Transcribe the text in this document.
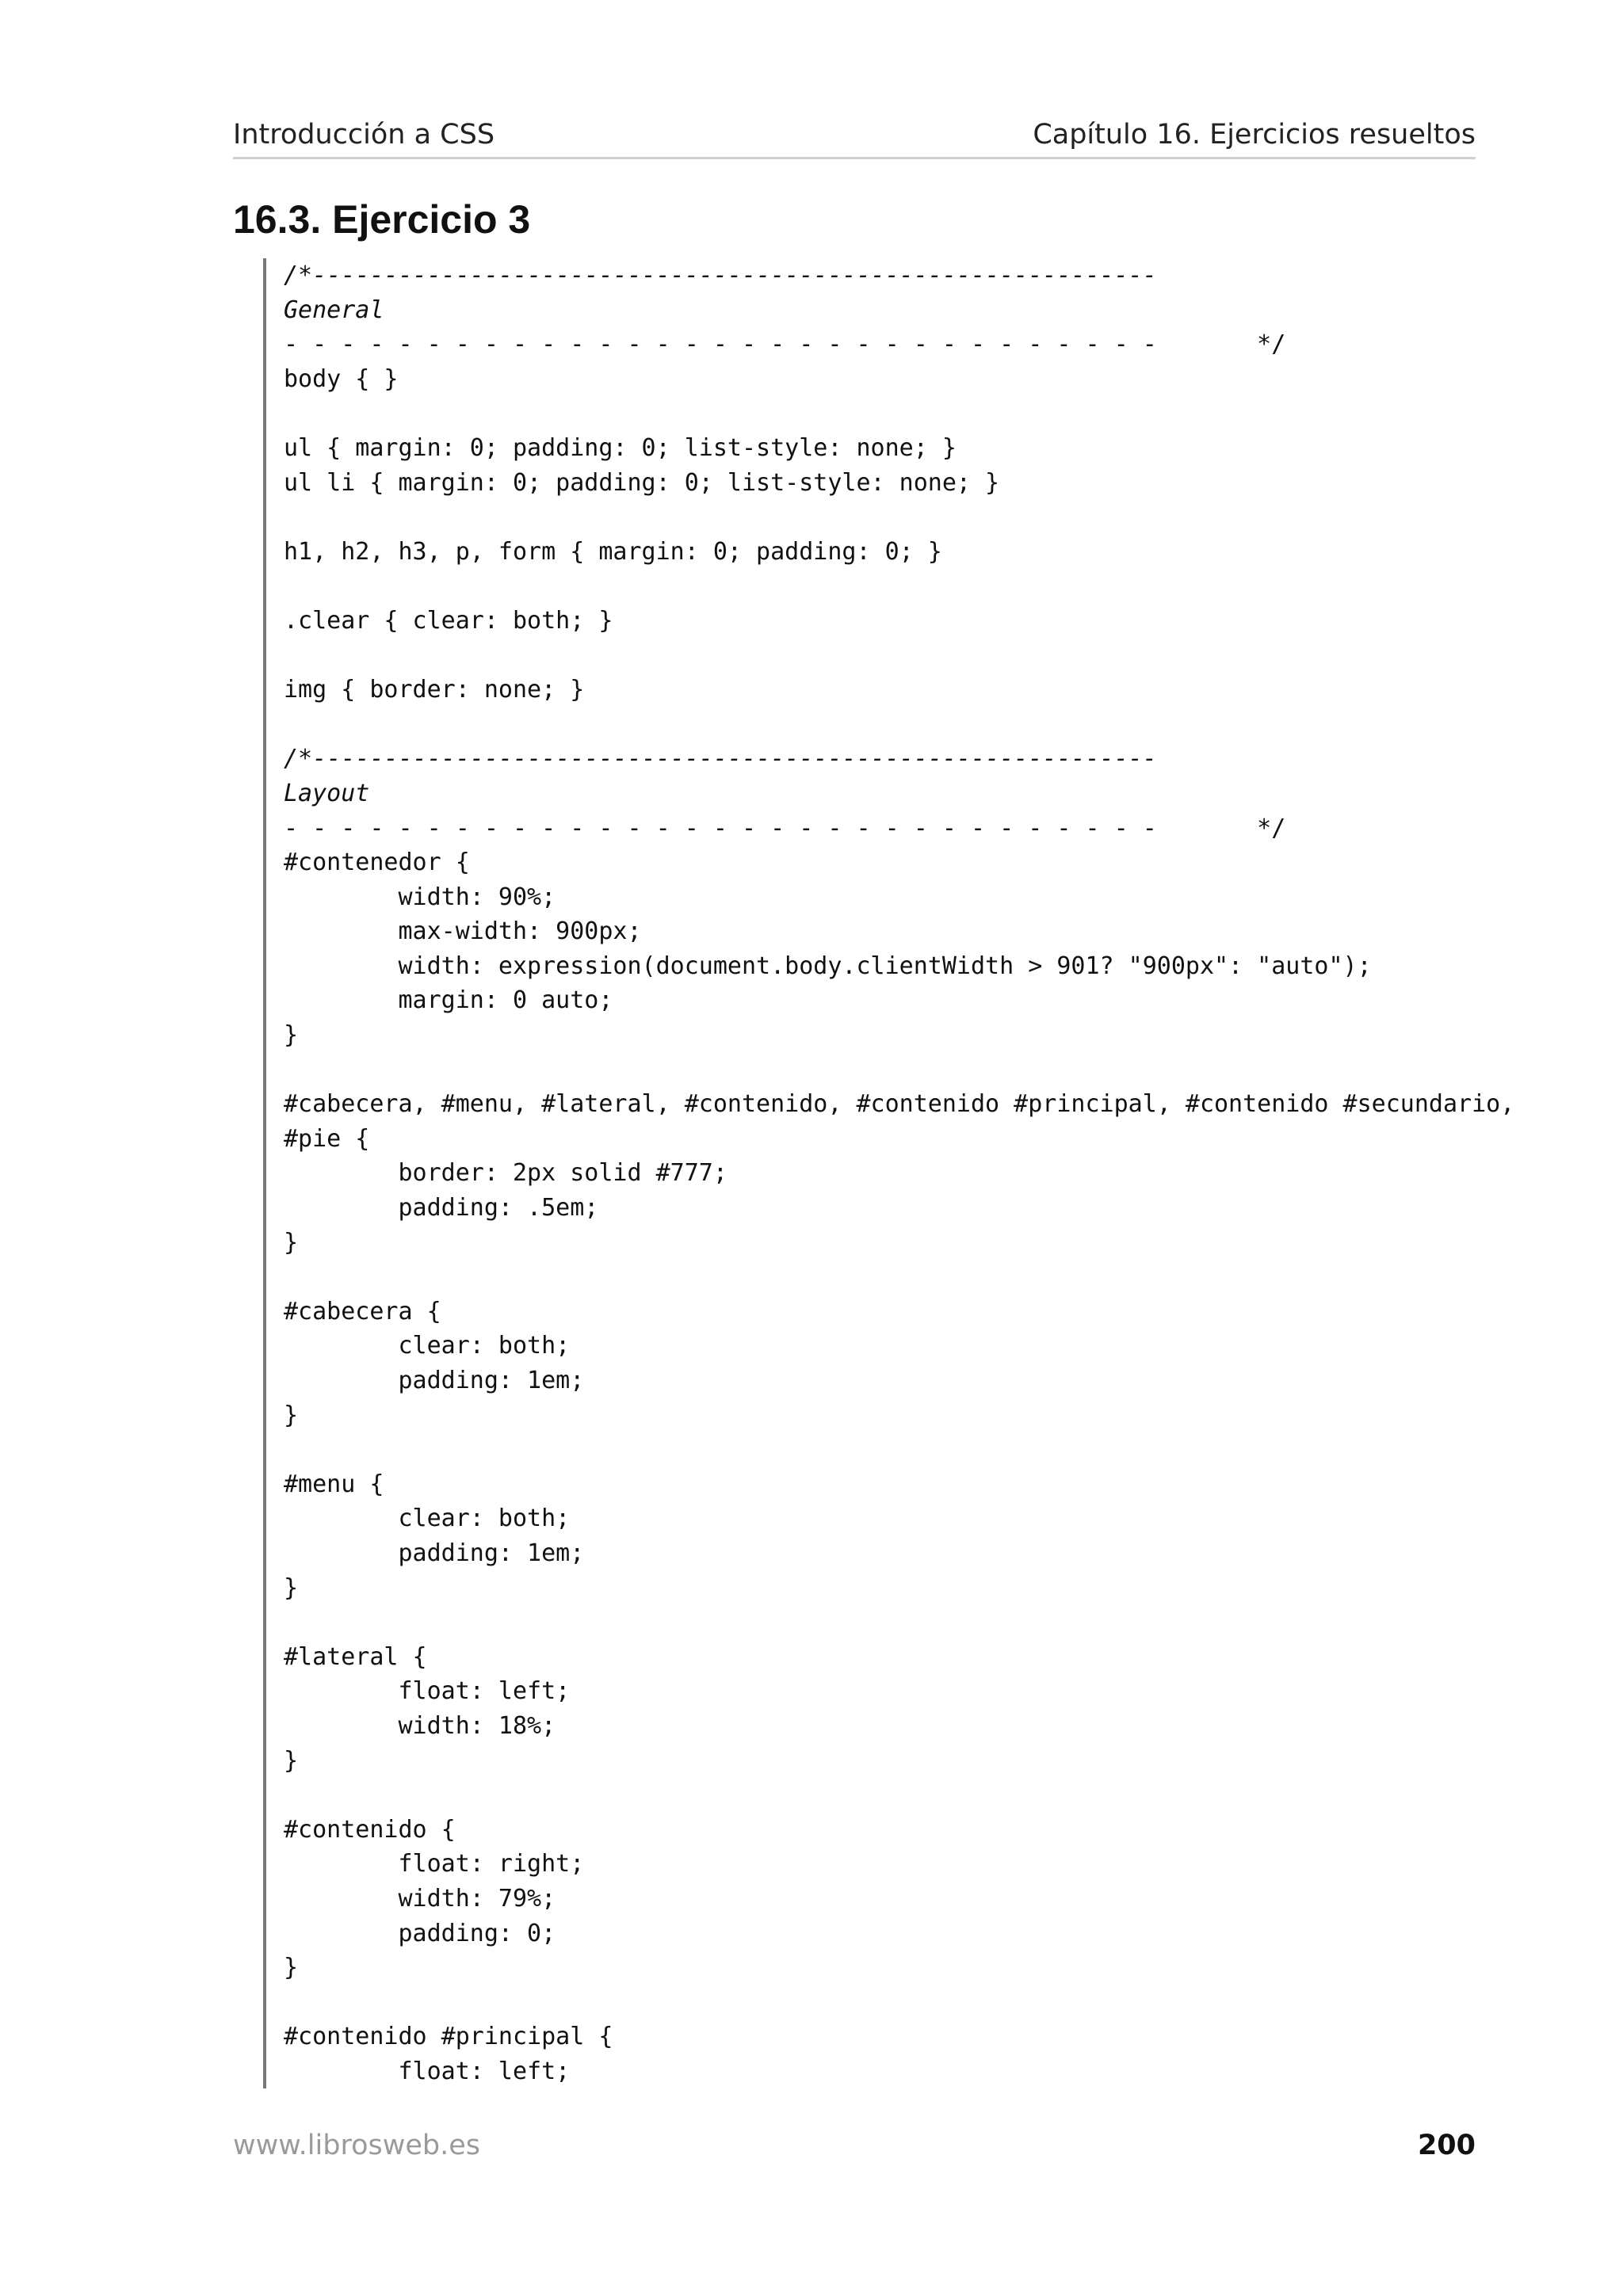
Introducción a CSS	Capítulo 16. Ejercicios resueltos
16.3. Ejercicio 3
/*-----------------------------------------------------------
General
- - - - - - - - - - - - - - - - - - - - - - - - - - - - - - -       */
body { }
ul { margin: 0; padding: 0; list-style: none; }
ul li { margin: 0; padding: 0; list-style: none; }
h1, h2, h3, p, form { margin: 0; padding: 0; }
.clear { clear: both; }
img { border: none; }
/*-----------------------------------------------------------
Layout
- - - - - - - - - - - - - - - - - - - - - - - - - - - - - - -       */
#contenedor {
width: 90%;
max-width: 900px;
width: expression(document.body.clientWidth > 901? "900px": "auto");
margin: 0 auto;
}
#cabecera, #menu, #lateral, #contenido, #contenido #principal, #contenido #secundario,
#pie {
border: 2px solid #777;
padding: .5em;
}
#cabecera {
clear: both;
padding: 1em;
}
#menu {
clear: both;
padding: 1em;
}
#lateral {
float: left;
width: 18%;
}
#contenido {
float: right;
width: 79%;
padding: 0;
}
#contenido #principal {
float: left;
www.librosweb.es	200
